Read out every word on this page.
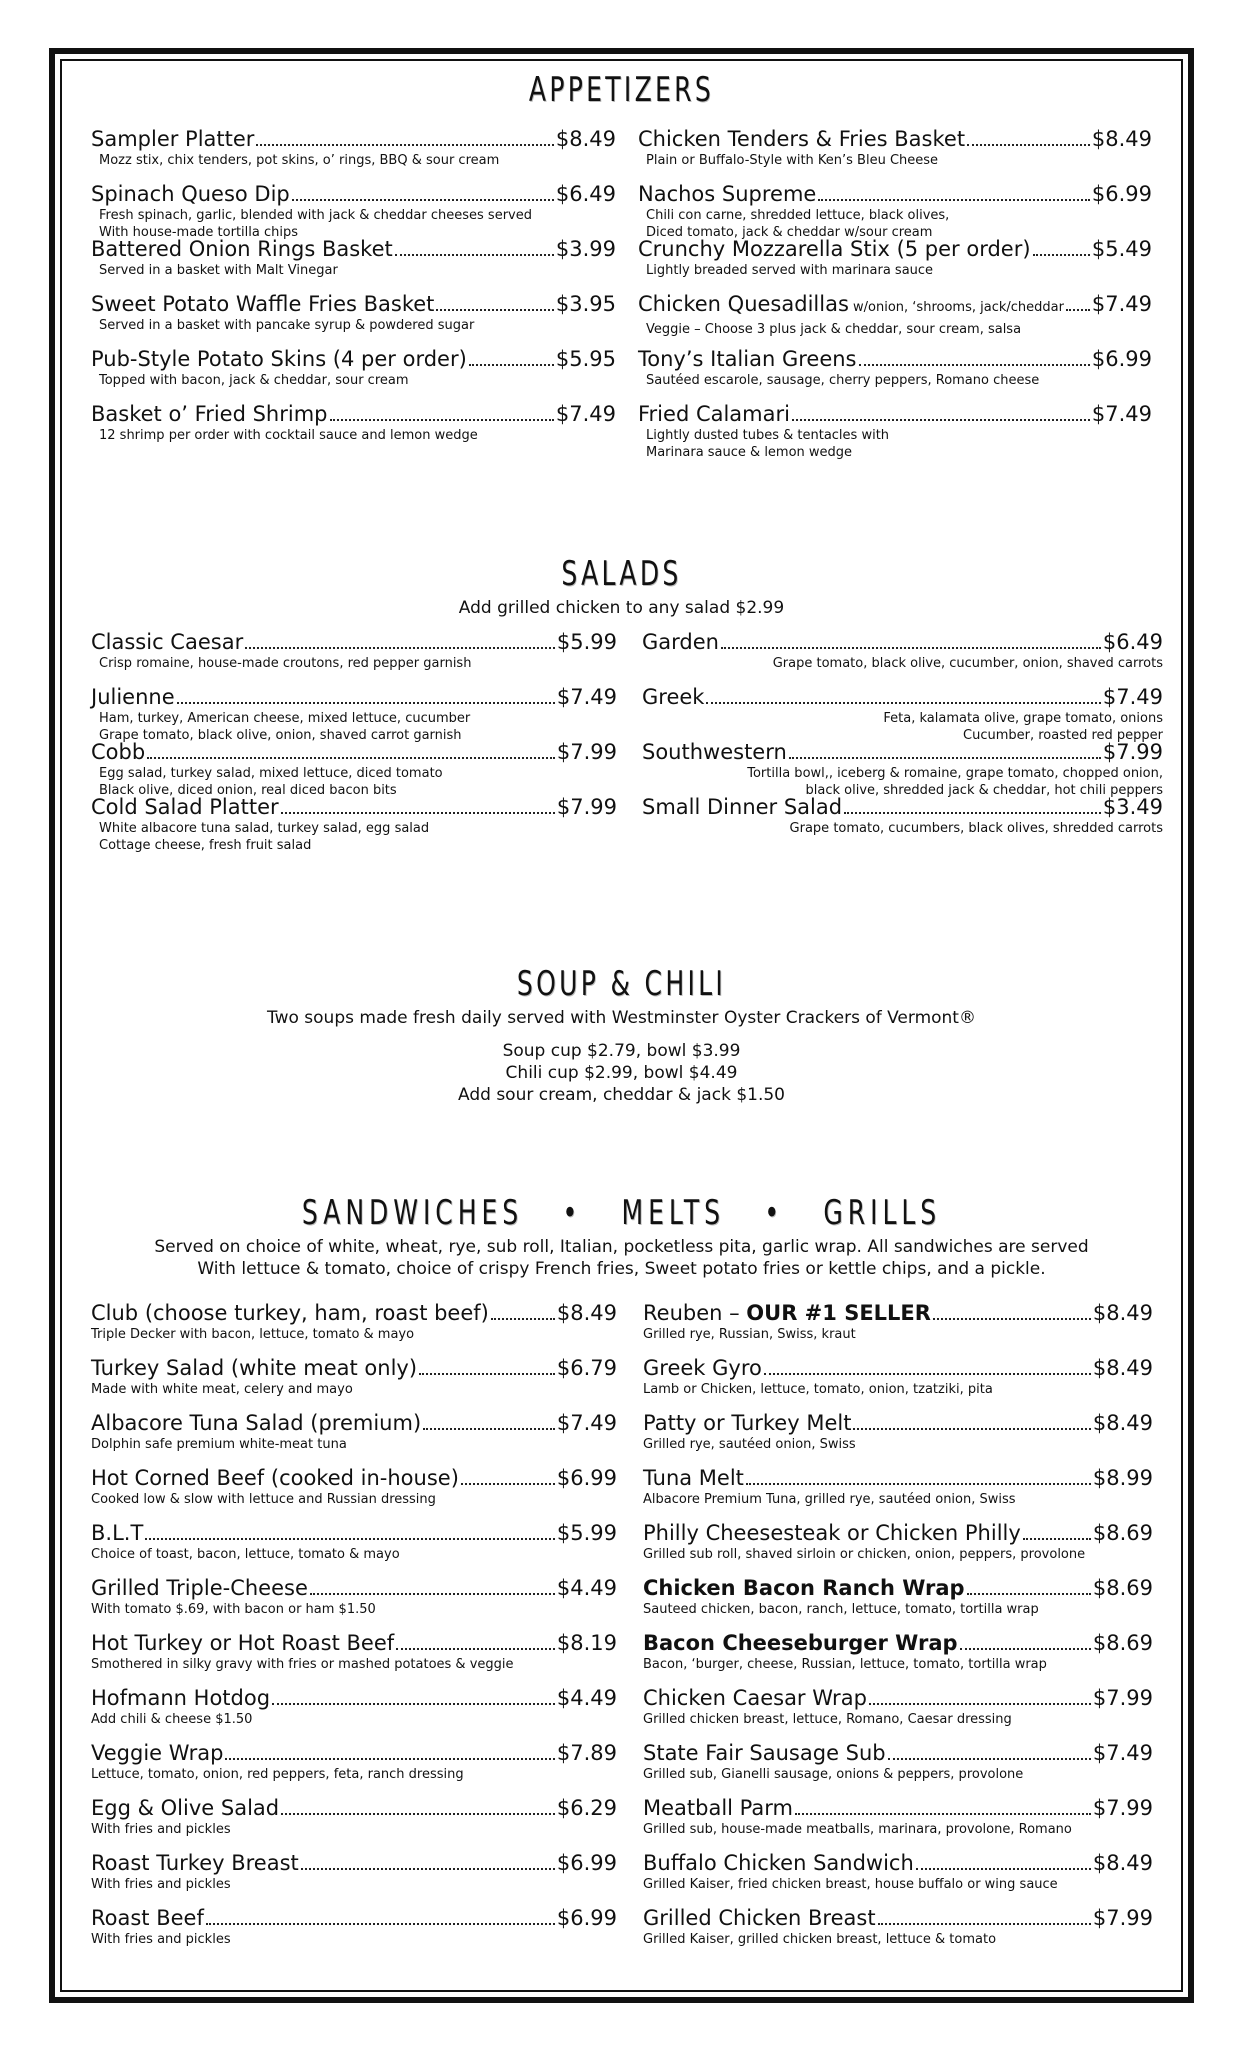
APPETIZERS
Sampler Platter	$8.49
Mozz stix, chix tenders, pot skins, o’ rings, BBQ & sour cream
Spinach Queso Dip	$6.49
Fresh spinach, garlic, blended with jack & cheddar cheeses served
With house-made tortilla chips
Battered Onion Rings Basket	$3.99
Served in a basket with Malt Vinegar
Sweet Potato Waffle Fries Basket	$3.95
Served in a basket with pancake syrup & powdered sugar
Pub-Style Potato Skins (4 per order)	$5.95
Topped with bacon, jack & cheddar, sour cream
Basket o’ Fried Shrimp	$7.49
12 shrimp per order with cocktail sauce and lemon wedge
Chicken Tenders & Fries Basket	$8.49
Plain or Buffalo-Style with Ken’s Bleu Cheese
Nachos Supreme	$6.99
Chili con carne, shredded lettuce, black olives,
Diced tomato, jack & cheddar w/sour cream
Crunchy Mozzarella Stix (5 per order)	$5.49
Lightly breaded served with marinara sauce
Chicken Quesadillas w/onion, ‘shrooms, jack/cheddar $7.49
Veggie – Choose 3 plus jack & cheddar, sour cream, salsa
Tony’s Italian Greens	$6.99
Sautéed escarole, sausage, cherry peppers, Romano cheese
Fried Calamari	$7.49
Lightly dusted tubes & tentacles with
Marinara sauce & lemon wedge
SALADS
Add grilled chicken to any salad $2.99
Classic Caesar	$5.99
Crisp romaine, house-made croutons, red pepper garnish
Julienne	$7.49
Ham, turkey, American cheese, mixed lettuce, cucumber
Grape tomato, black olive, onion, shaved carrot garnish
Cobb	$7.99
Egg salad, turkey salad, mixed lettuce, diced tomato
Black olive, diced onion, real diced bacon bits
Cold Salad Platter	$7.99
White albacore tuna salad, turkey salad, egg salad
Cottage cheese, fresh fruit salad
Garden	$6.49
Grape tomato, black olive, cucumber, onion, shaved carrots
Greek	$7.49
Feta, kalamata olive, grape tomato, onions
Cucumber, roasted red pepper
Southwestern	$7.99
Tortilla bowl,, iceberg & romaine, grape tomato, chopped onion,
black olive, shredded jack & cheddar, hot chili peppers
Small Dinner Salad	$3.49
Grape tomato, cucumbers, black olives, shredded carrots
SOUP & CHILI
Two soups made fresh daily served with Westminster Oyster Crackers of Vermont®
Soup cup $2.79, bowl $3.99
Chili cup $2.99, bowl $4.49
Add sour cream, cheddar & jack $1.50
SANDWICHES • MELTS • GRILLS
Served on choice of white, wheat, rye, sub roll, Italian, pocketless pita, garlic wrap. All sandwiches are served
With lettuce & tomato, choice of crispy French fries, Sweet potato fries or kettle chips, and a pickle.
Club (choose turkey, ham, roast beef)	$8.49
Triple Decker with bacon, lettuce, tomato & mayo
Turkey Salad (white meat only)	$6.79
Made with white meat, celery and mayo
Albacore Tuna Salad (premium)	$7.49
Dolphin safe premium white-meat tuna
Hot Corned Beef (cooked in-house)	$6.99
Cooked low & slow with lettuce and Russian dressing
B.L.T	$5.99
Choice of toast, bacon, lettuce, tomato & mayo
Grilled Triple-Cheese	$4.49
With tomato $.69, with bacon or ham $1.50
Hot Turkey or Hot Roast Beef	$8.19
Smothered in silky gravy with fries or mashed potatoes & veggie
Hofmann Hotdog	$4.49
Add chili & cheese $1.50
Veggie Wrap	$7.89
Lettuce, tomato, onion, red peppers, feta, ranch dressing
Egg & Olive Salad	$6.29
With fries and pickles
Roast Turkey Breast	$6.99
With fries and pickles
Roast Beef	$6.99
With fries and pickles
Reuben – OUR #1 SELLER	$8.49
Grilled rye, Russian, Swiss, kraut
Greek Gyro	$8.49
Lamb or Chicken, lettuce, tomato, onion, tzatziki, pita
Patty or Turkey Melt	$8.49
Grilled rye, sautéed onion, Swiss
Tuna Melt	$8.99
Albacore Premium Tuna, grilled rye, sautéed onion, Swiss
Philly Cheesesteak or Chicken Philly	$8.69
Grilled sub roll, shaved sirloin or chicken, onion, peppers, provolone
Chicken Bacon Ranch Wrap	$8.69
Sauteed chicken, bacon, ranch, lettuce, tomato, tortilla wrap
Bacon Cheeseburger Wrap	$8.69
Bacon, ‘burger, cheese, Russian, lettuce, tomato, tortilla wrap
Chicken Caesar Wrap	$7.99
Grilled chicken breast, lettuce, Romano, Caesar dressing
State Fair Sausage Sub	$7.49
Grilled sub, Gianelli sausage, onions & peppers, provolone
Meatball Parm	$7.99
Grilled sub, house-made meatballs, marinara, provolone, Romano
Buffalo Chicken Sandwich	$8.49
Grilled Kaiser, fried chicken breast, house buffalo or wing sauce
Grilled Chicken Breast	$7.99
Grilled Kaiser, grilled chicken breast, lettuce & tomato
